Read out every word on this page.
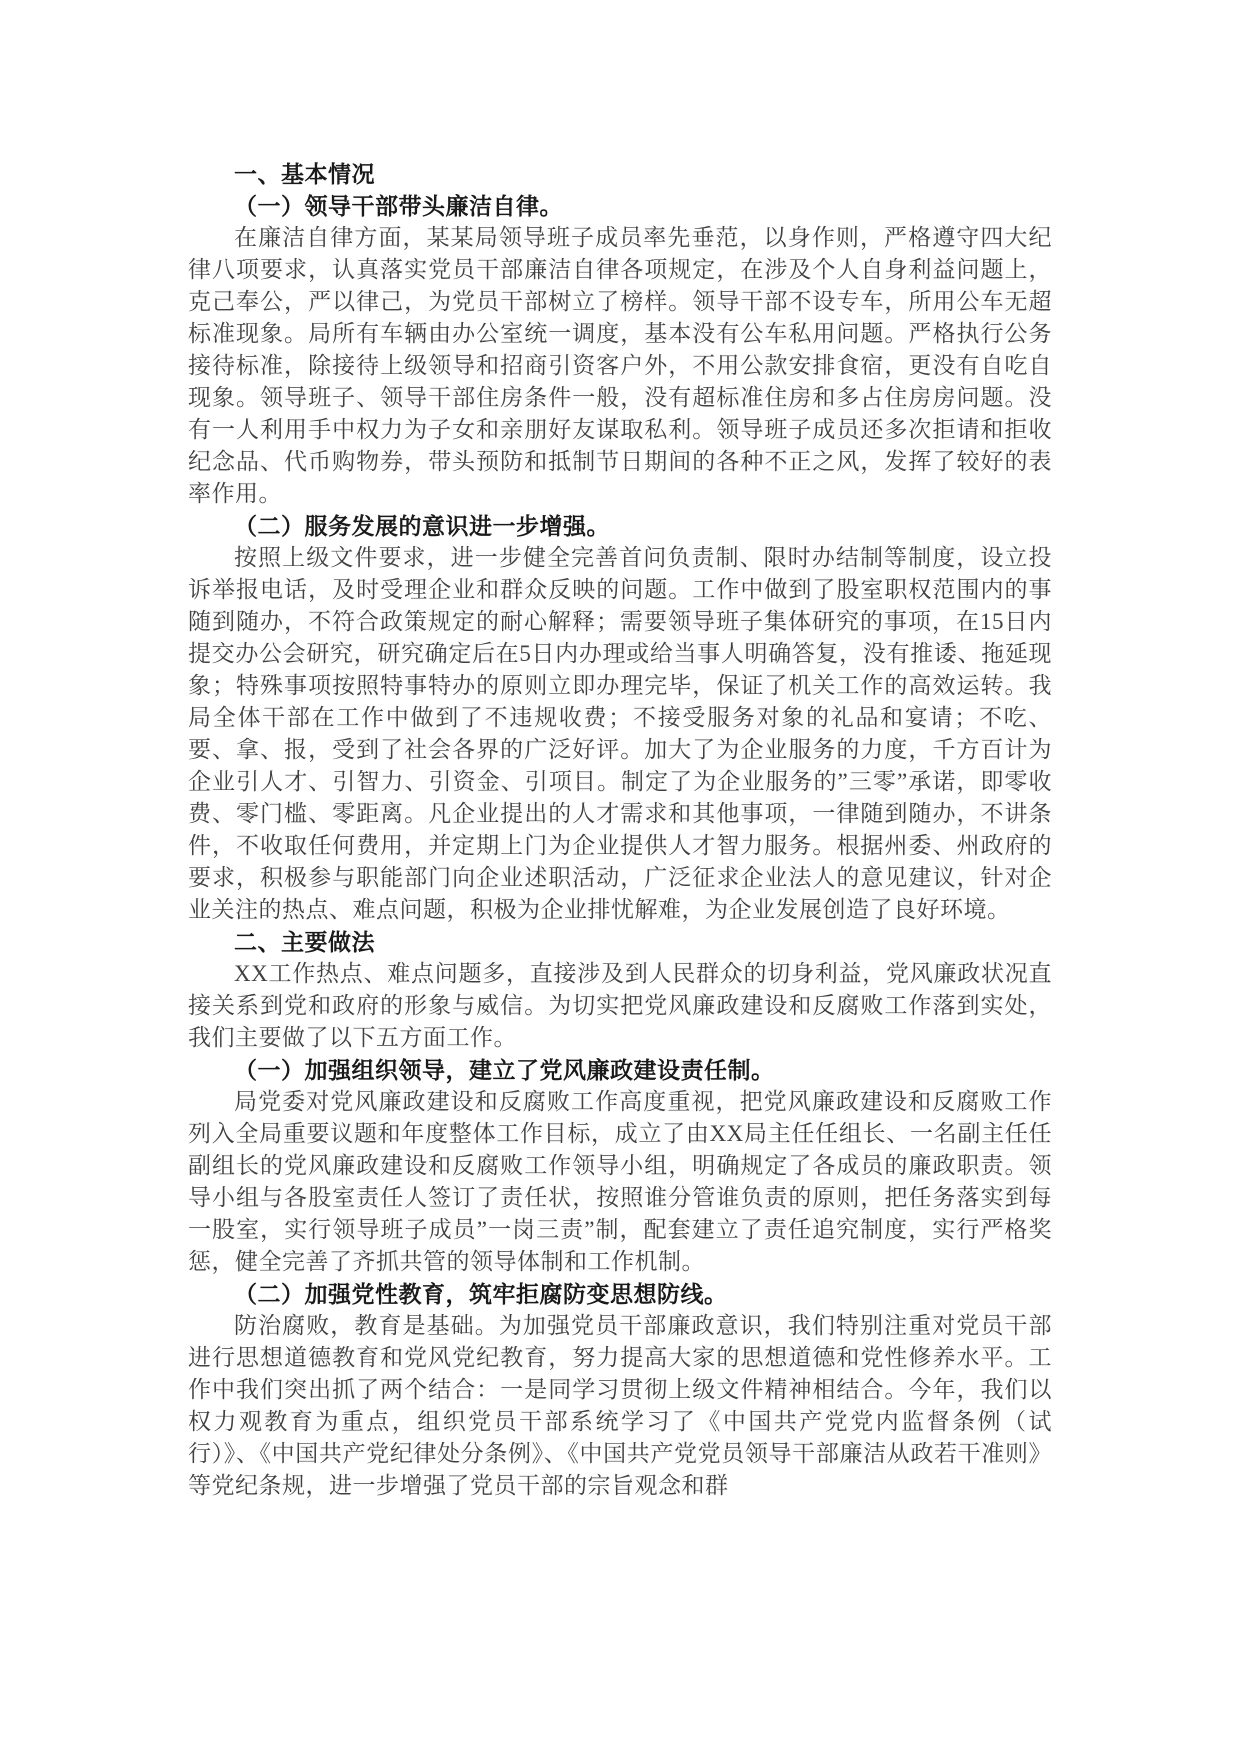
一、基本情况
（一）领导干部带头廉洁自律。

在廉洁自律方面，某某局领导班子成员率先垂范，以身作则，严格遵守四大纪律八项要求，认真落实党员干部廉洁自律各项规定，在涉及个人自身利益问题上，克己奉公，严以律己，为党员干部树立了榜样。领导干部不设专车，所用公车无超标准现象。局所有车辆由办公室统一调度，基本没有公车私用问题。严格执行公务接待标准，除接待上级领导和招商引资客户外，不用公款安排食宿，更没有自吃自现象。领导班子、领导干部住房条件一般，没有超标准住房和多占住房房问题。没有一人利用手中权力为子女和亲朋好友谋取私利。领导班子成员还多次拒请和拒收纪念品、代币购物券，带头预防和抵制节日期间的各种不正之风，发挥了较好的表率作用。

（二）服务发展的意识进一步增强。

按照上级文件要求，进一步健全完善首问负责制、限时办结制等制度，设立投诉举报电话，及时受理企业和群众反映的问题。工作中做到了股室职权范围内的事随到随办，不符合政策规定的耐心解释；需要领导班子集体研究的事项，在15日内提交办公会研究，研究确定后在5日内办理或给当事人明确答复，没有推诿、拖延现象；特殊事项按照特事特办的原则立即办理完毕，保证了机关工作的高效运转。我局全体干部在工作中做到了不违规收费；不接受服务对象的礼品和宴请；不吃、要、拿、报，受到了社会各界的广泛好评。加大了为企业服务的力度，千方百计为企业引人才、引智力、引资金、引项目。制定了为企业服务的”三零”承诺，即零收费、零门槛、零距离。凡企业提出的人才需求和其他事项，一律随到随办，不讲条件，不收取任何费用，并定期上门为企业提供人才智力服务。根据州委、州政府的要求，积极参与职能部门向企业述职活动，广泛征求企业法人的意见建议，针对企业关注的热点、难点问题，积极为企业排忧解难，为企业发展创造了良好环境。

二、主要做法

XX工作热点、难点问题多，直接涉及到人民群众的切身利益，党风廉政状况直接关系到党和政府的形象与威信。为切实把党风廉政建设和反腐败工作落到实处，我们主要做了以下五方面工作。

（一）加强组织领导，建立了党风廉政建设责任制。

局党委对党风廉政建设和反腐败工作高度重视，把党风廉政建设和反腐败工作列入全局重要议题和年度整体工作目标，成立了由XX局主任任组长、一名副主任任副组长的党风廉政建设和反腐败工作领导小组，明确规定了各成员的廉政职责。领导小组与各股室责任人签订了责任状，按照谁分管谁负责的原则，把任务落实到每一股室，实行领导班子成员”一岗三责”制，配套建立了责任追究制度，实行严格奖惩，健全完善了齐抓共管的领导体制和工作机制。

（二）加强党性教育，筑牢拒腐防变思想防线。

防治腐败，教育是基础。为加强党员干部廉政意识，我们特别注重对党员干部进行思想道德教育和党风党纪教育，努力提高大家的思想道德和党性修养水平。工作中我们突出抓了两个结合：一是同学习贯彻上级文件精神相结合。今年，我们以权力观教育为重点，组织党员干部系统学习了《中国共产党党内监督条例（试行）》、《中国共产党纪律处分条例》、《中国共产党党员领导干部廉洁从政若干准则》等党纪条规，进一步增强了党员干部的宗旨观念和群
